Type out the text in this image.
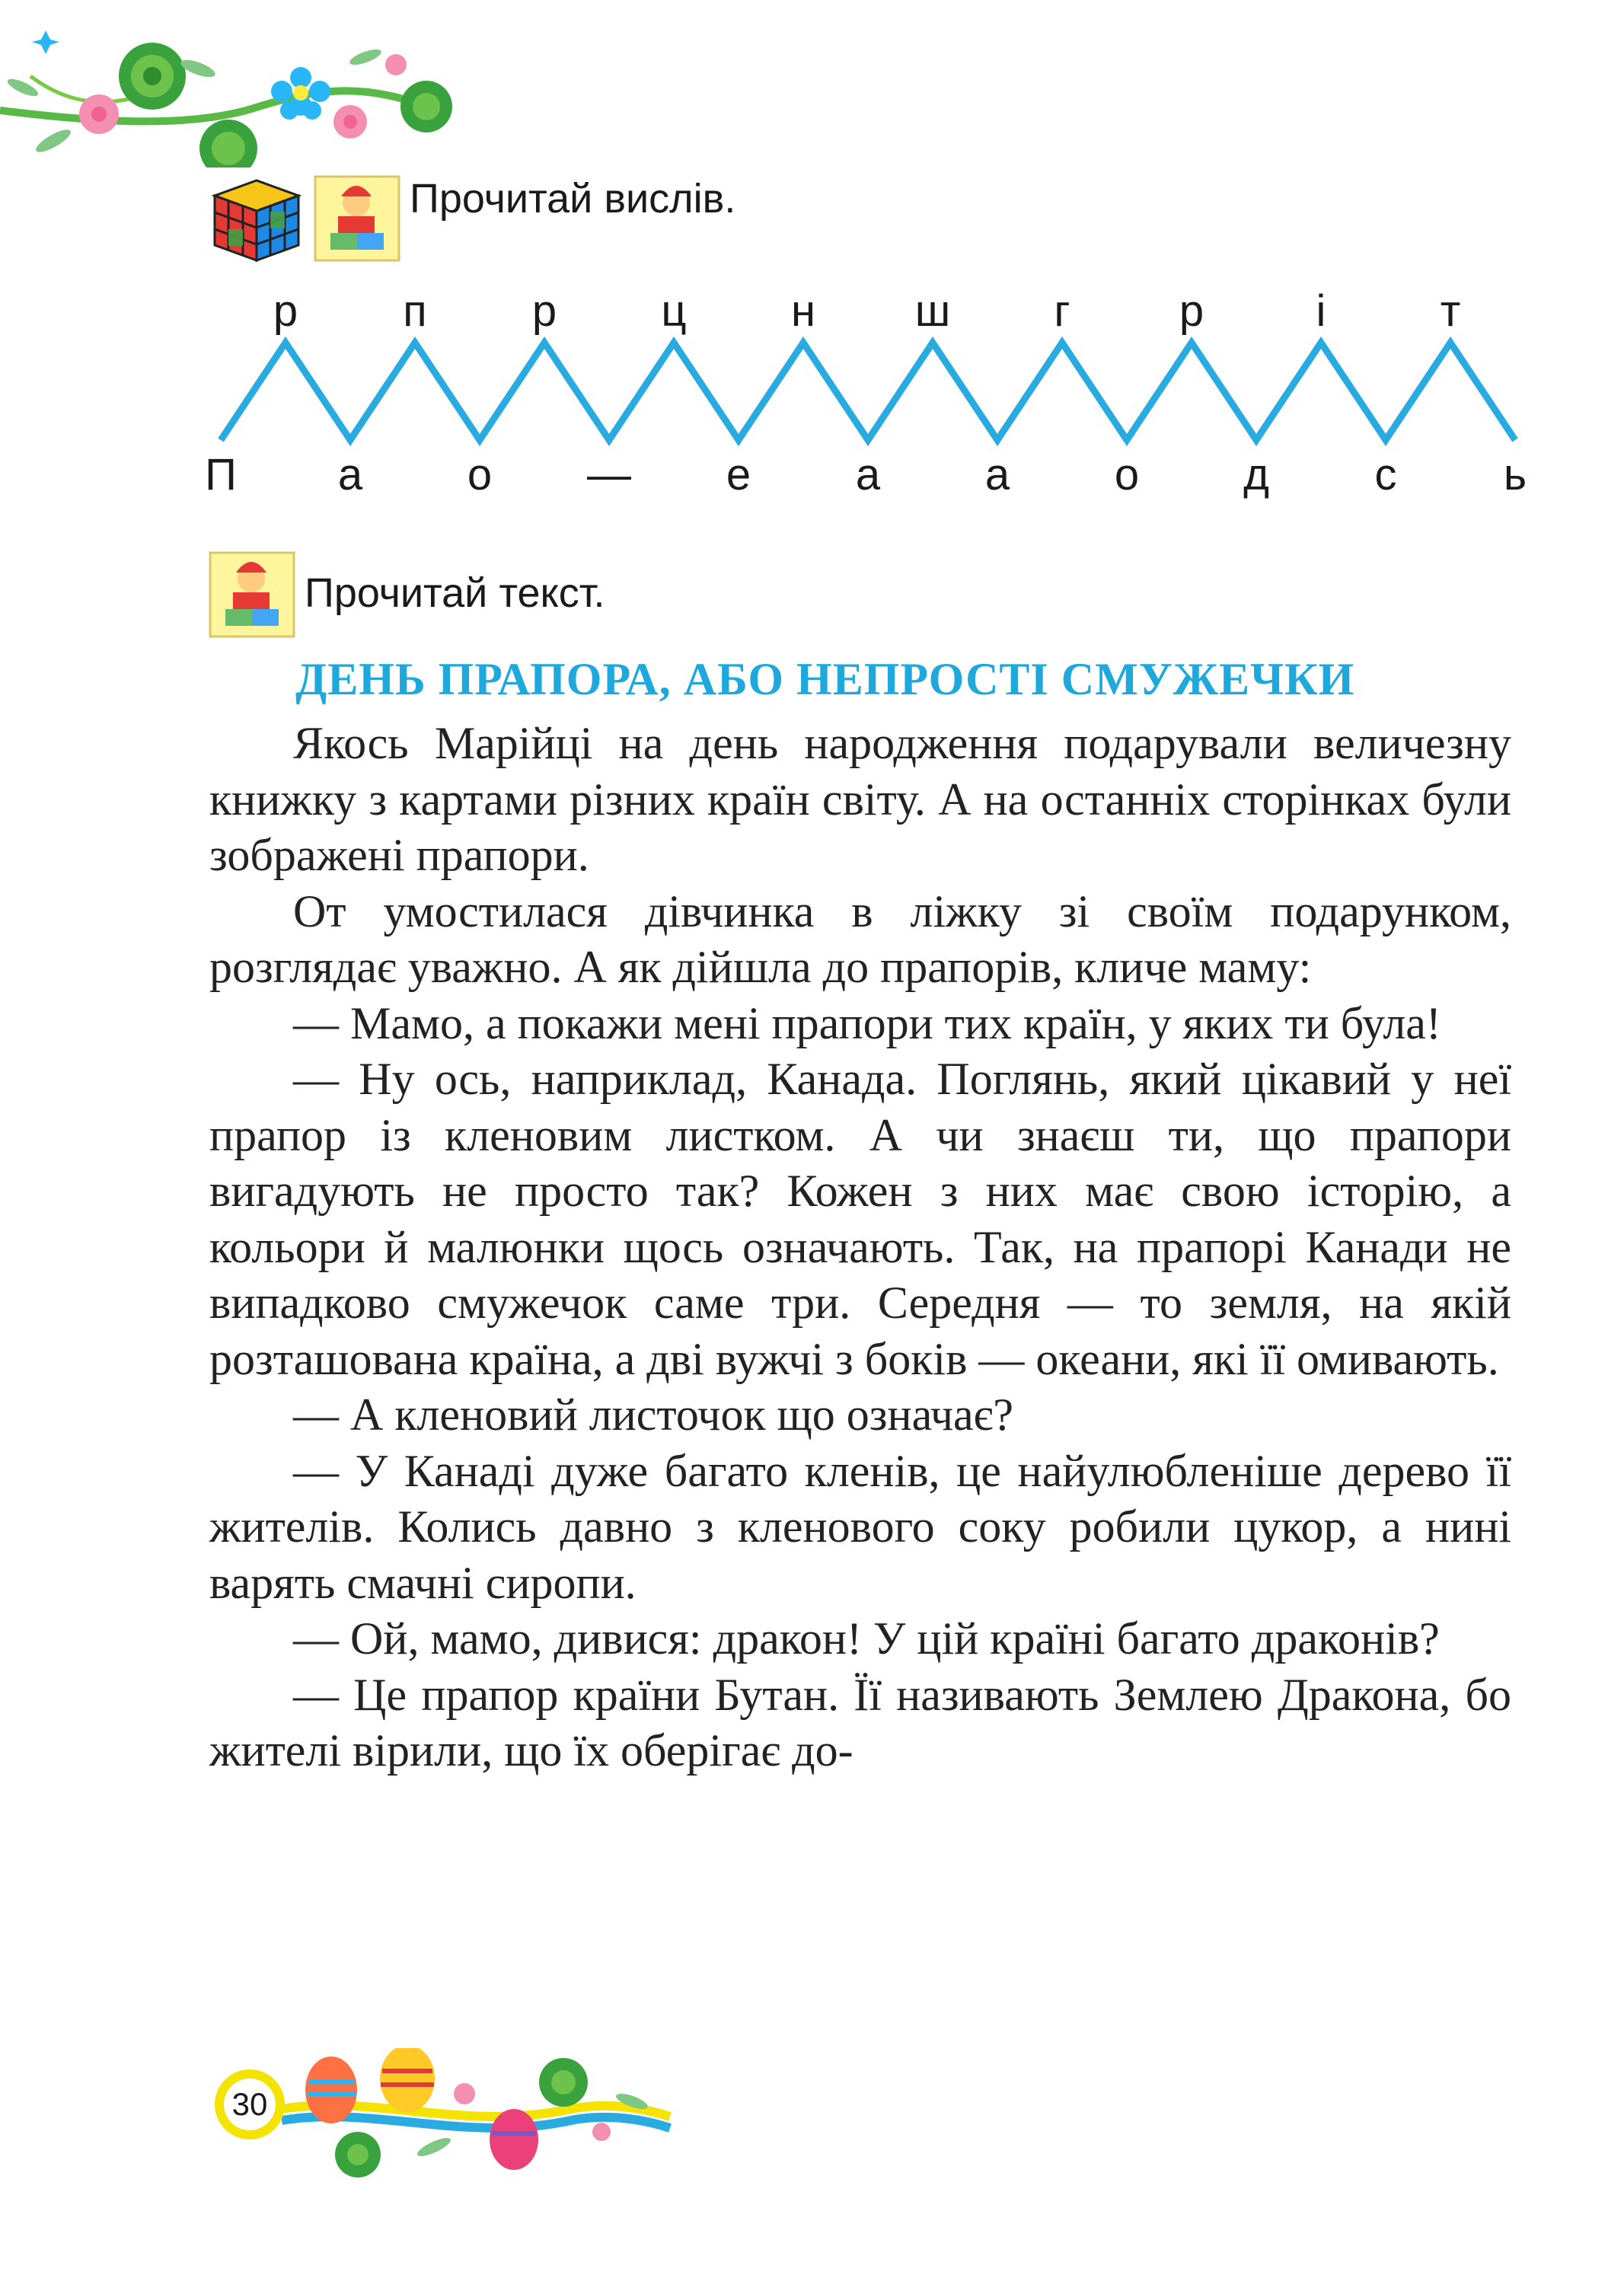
Прочитай вислів.
р	п	р	ц	н	ш	г	р	і	т
П	а	о	—	е	а	а	о	д	с	ь
Прочитай текст.
ДЕНЬ ПРАПОРА, АБО НЕПРОСТІ СМУЖЕЧКИ

Якось Марійці на день народження подарували величезну книжку з картами різних країн світу. А на останніх сторінках були зображені прапори.

От умостилася дівчинка в ліжку зі своїм подарунком, розглядає уважно. А як дійшла до прапорів, кличе маму:

— Мамо, а покажи мені прапори тих країн, у яких ти була!

— Ну ось, наприклад, Канада. Поглянь, який цікавий у неї прапор із кленовим листком. А чи знаєш ти, що прапори вигадують не просто так? Кожен з них має свою історію, а кольори й малюнки щось означають. Так, на прапорі Канади не випадково смужечок саме три. Середня — то земля, на якій розташована країна, а дві вужчі з боків — океани, які її омивають.

— А кленовий листочок що означає?

— У Канаді дуже багато кленів, це найулюбленіше дерево її жителів. Колись давно з кленового соку робили цукор, а нині варять смачні сиропи.

— Ой, мамо, дивися: дракон! У цій країні багато драконів?

— Це прапор країни Бутан. Її називають Землею Дракона, бо жителі вірили, що їх оберігає до-

30
